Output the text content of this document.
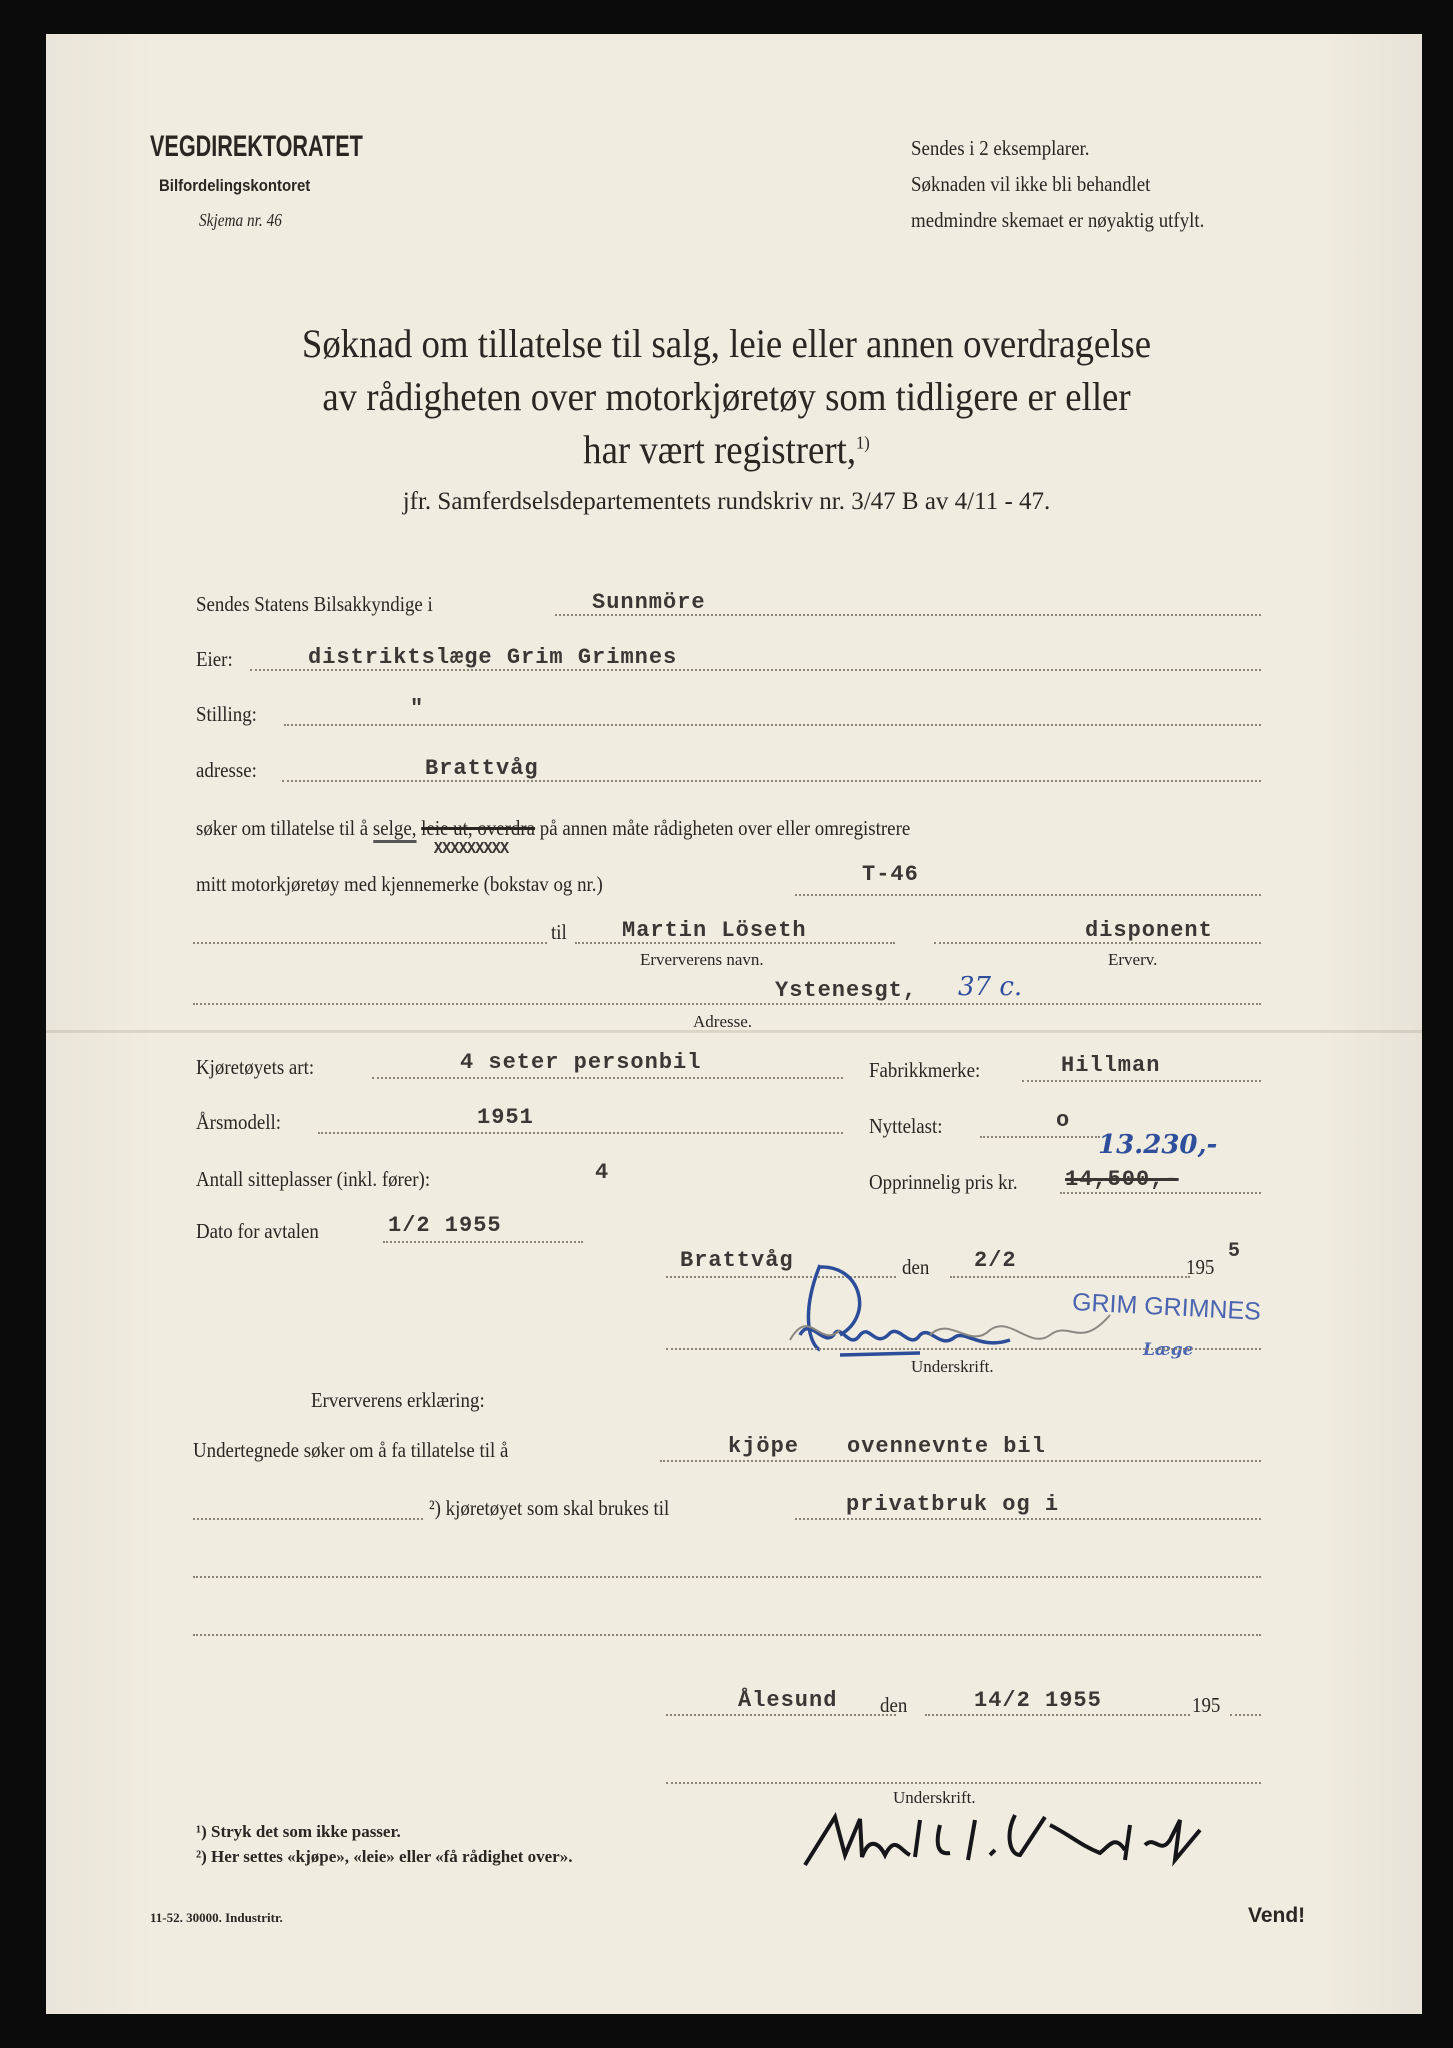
VEGDIREKTORATET
Bilfordelingskontoret
Skjema nr. 46
Sendes i 2 eksemplarer.
Søknaden vil ikke bli behandlet
medmindre skemaet er nøyaktig utfylt.
Søknad om tillatelse til salg, leie eller annen overdragelse
av rådigheten over motorkjøretøy som tidligere er eller
har vært registrert,$^{1)}$
jfr. Samferdselsdepartementets rundskriv nr. 3/47 B av 4/11 - 47.
Sendes Statens Bilsakkyndige i	Sunnmöre
Eier:	distriktslæge Grim Grimnes
Stilling:	"
adresse:	Brattvåg
søker om tillatelse til å selge, leie ut, overdra
XXXXXXXXX
på annen måte rådigheten over eller omregistrere
mitt motorkjøretøy med kjennemerke (bokstav og nr.)	T-46
til	Martin Löseth
Erververens navn.
disponent
Erverv.
Ystenesgt, 37 c.
Adresse.
Kjøretøyets art:	4 seter personbil	Fabrikkmerke:	Hillman
Årsmodell:	1951	Nyttelast:	o
Antall sitteplasser (inkl. fører):	4	Opprinnelig pris kr. 14,500,-
13.230,-
Dato for avtalen	1/2 1955
Brattvåg	den 2/2	195
5
GRIM GRIMNES
Læge
Underskrift.
Erververens erklæring:
Undertegnede søker om å fa tillatelse til å	kjöpe ovennevnte bil
²) kjøretøyet som skal brukes til	privatbruk og i
Ålesund den	14/2 1955	195
Underskrift.
¹) Stryk det som ikke passer.
²) Her settes «kjøpe», «leie» eller «få rådighet over».
11-52. 30000. Industritr.	Vend!
